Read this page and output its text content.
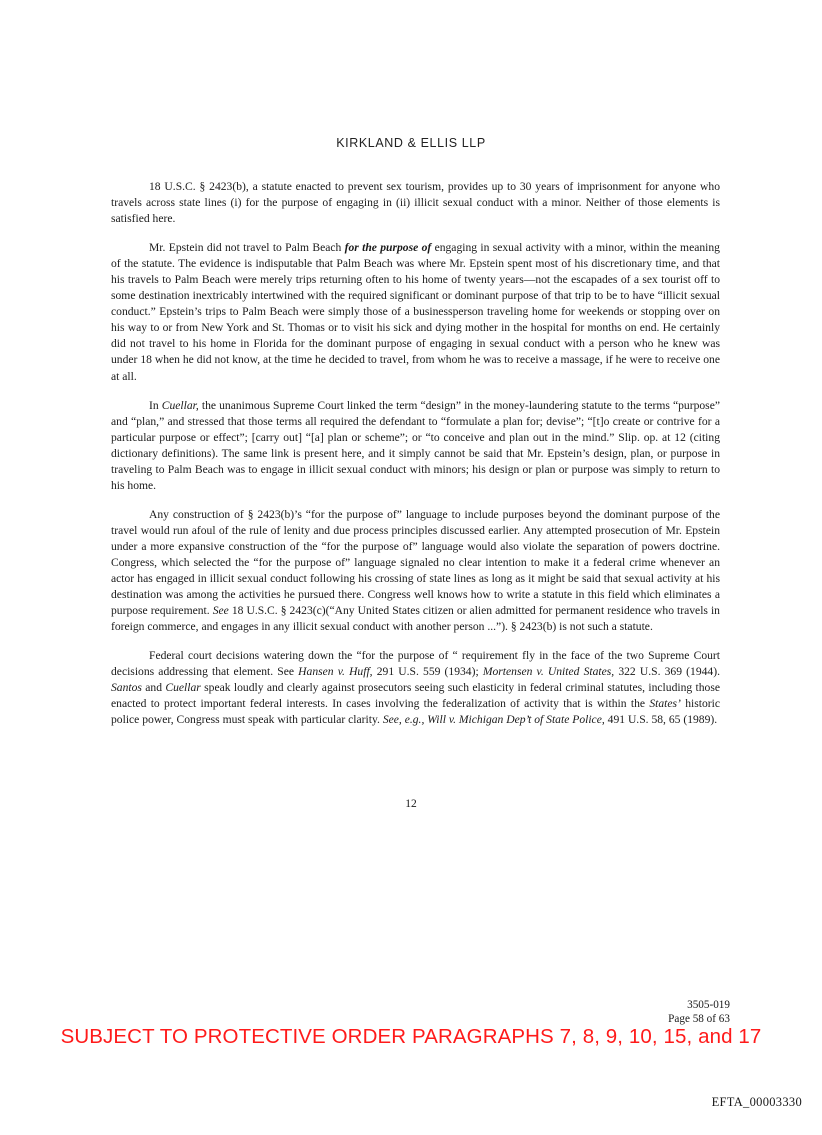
KIRKLAND & ELLIS LLP

18 U.S.C. § 2423(b), a statute enacted to prevent sex tourism, provides up to 30 years of imprisonment for anyone who travels across state lines (i) for the purpose of engaging in (ii) illicit sexual conduct with a minor. Neither of those elements is satisfied here.

Mr. Epstein did not travel to Palm Beach for the purpose of engaging in sexual activity with a minor, within the meaning of the statute. The evidence is indisputable that Palm Beach was where Mr. Epstein spent most of his discretionary time, and that his travels to Palm Beach were merely trips returning often to his home of twenty years—not the escapades of a sex tourist off to some destination inextricably intertwined with the required significant or dominant purpose of that trip to be to have “illicit sexual conduct.” Epstein’s trips to Palm Beach were simply those of a businessperson traveling home for weekends or stopping over on his way to or from New York and St. Thomas or to visit his sick and dying mother in the hospital for months on end. He certainly did not travel to his home in Florida for the dominant purpose of engaging in sexual conduct with a person who he knew was under 18 when he did not know, at the time he decided to travel, from whom he was to receive a massage, if he were to receive one at all.

In Cuellar, the unanimous Supreme Court linked the term “design” in the money-laundering statute to the terms “purpose” and “plan,” and stressed that those terms all required the defendant to “formulate a plan for; devise”; “[t]o create or contrive for a particular purpose or effect”; [carry out] “[a] plan or scheme”; or “to conceive and plan out in the mind.” Slip. op. at 12 (citing dictionary definitions). The same link is present here, and it simply cannot be said that Mr. Epstein’s design, plan, or purpose in traveling to Palm Beach was to engage in illicit sexual conduct with minors; his design or plan or purpose was simply to return to his home.

Any construction of § 2423(b)’s “for the purpose of” language to include purposes beyond the dominant purpose of the travel would run afoul of the rule of lenity and due process principles discussed earlier. Any attempted prosecution of Mr. Epstein under a more expansive construction of the “for the purpose of” language would also violate the separation of powers doctrine. Congress, which selected the “for the purpose of” language signaled no clear intention to make it a federal crime whenever an actor has engaged in illicit sexual conduct following his crossing of state lines as long as it might be said that sexual activity at his destination was among the activities he pursued there. Congress well knows how to write a statute in this field which eliminates a purpose requirement. See 18 U.S.C. § 2423(c)(“Any United States citizen or alien admitted for permanent residence who travels in foreign commerce, and engages in any illicit sexual conduct with another person ...”). § 2423(b) is not such a statute.

Federal court decisions watering down the “for the purpose of “ requirement fly in the face of the two Supreme Court decisions addressing that element. See Hansen v. Huff, 291 U.S. 559 (1934); Mortensen v. United States, 322 U.S. 369 (1944). Santos and Cuellar speak loudly and clearly against prosecutors seeing such elasticity in federal criminal statutes, including those enacted to protect important federal interests. In cases involving the federalization of activity that is within the States’ historic police power, Congress must speak with particular clarity. See, e.g., Will v. Michigan Dep’t of State Police, 491 U.S. 58, 65 (1989).

12
3505-019
Page 58 of 63
SUBJECT TO PROTECTIVE ORDER PARAGRAPHS 7, 8, 9, 10, 15, and 17
EFTA_00003330
